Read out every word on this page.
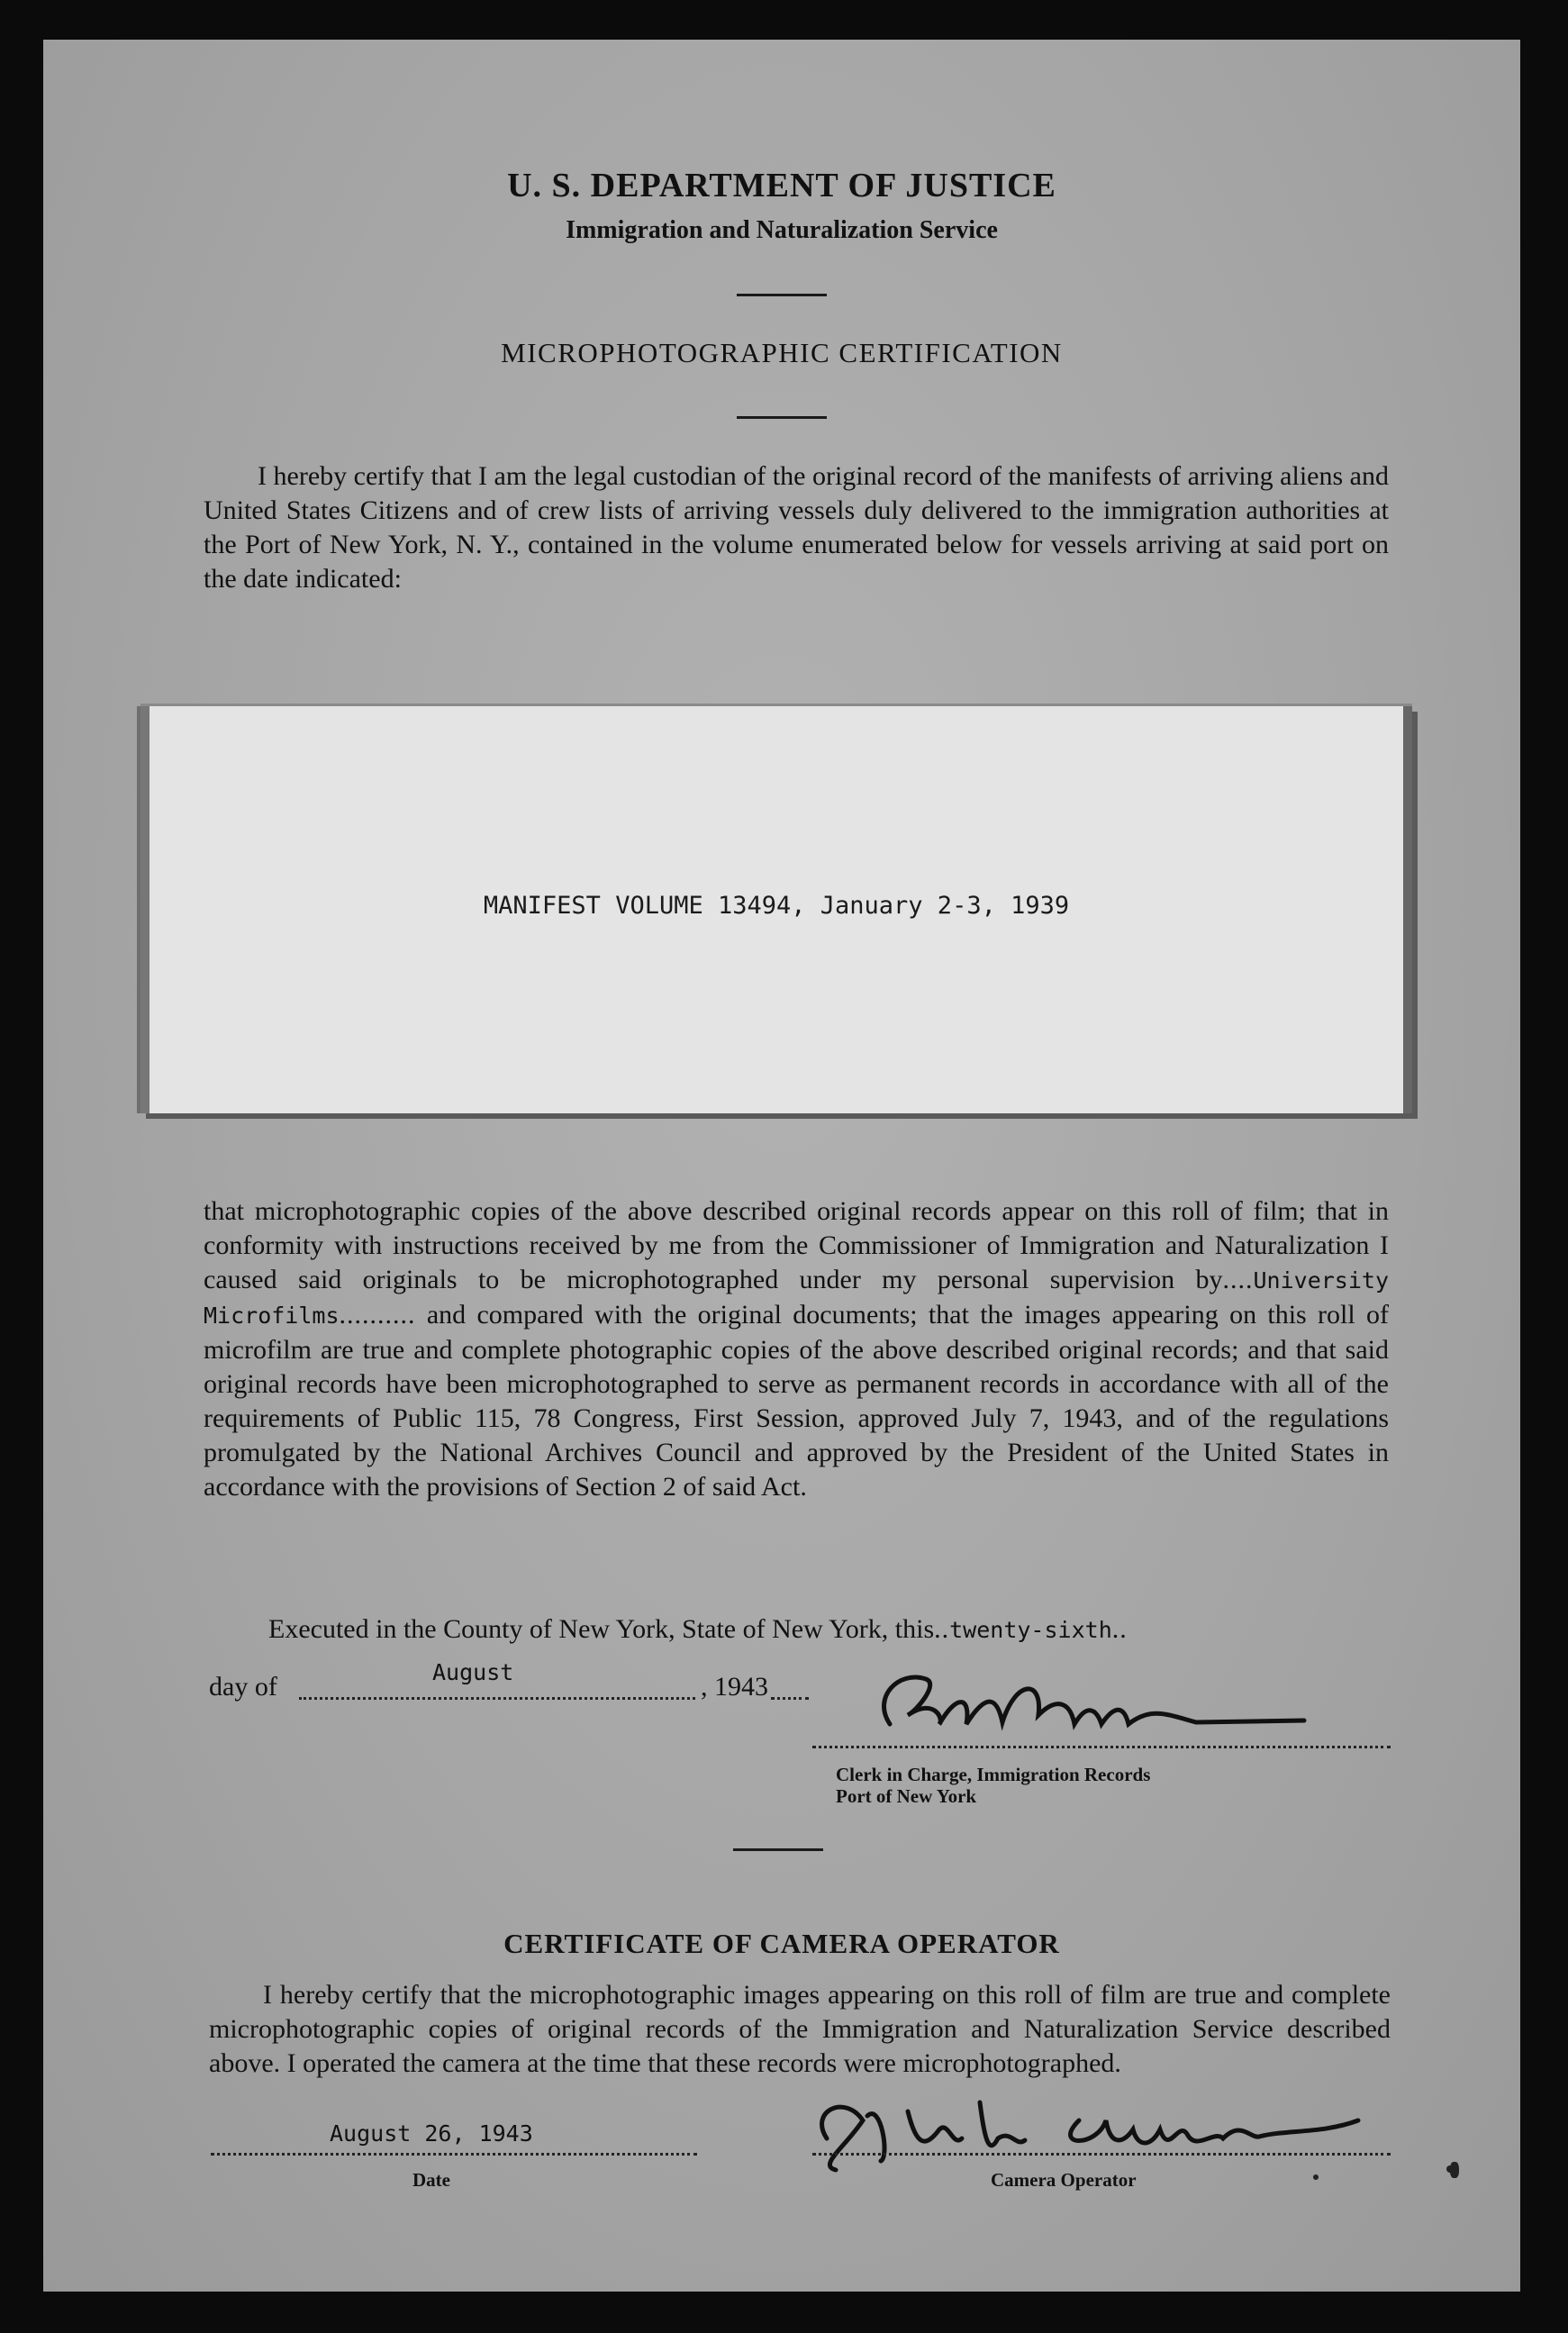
U. S. DEPARTMENT OF JUSTICE
Immigration and Naturalization Service
MICROPHOTOGRAPHIC CERTIFICATION
I hereby certify that I am the legal custodian of the original record of the manifests of arriving aliens and United States Citizens and of crew lists of arriving vessels duly delivered to the immigration authorities at the Port of New York, N. Y., contained in the volume enumerated below for vessels arriving at said port on the date indicated:
MANIFEST VOLUME 13494, January 2-3, 1939
that microphotographic copies of the above described original records appear on this roll of film; that in conformity with instructions received by me from the Commissioner of Immigration and Naturalization I caused said originals to be microphotographed under my personal supervision by....University Microfilms.......... and compared with the original documents; that the images appearing on this roll of microfilm are true and complete photographic copies of the above described original records; and that said original records have been microphotographed to serve as permanent records in accordance with all of the requirements of Public 115, 78 Congress, First Session, approved July 7, 1943, and of the regulations promulgated by the National Archives Council and approved by the President of the United States in accordance with the provisions of Section 2 of said Act.
Executed in the County of New York, State of New York, this..twenty-sixth..
day of	August	, 1943
Clerk in Charge, Immigration Records
Port of New York
CERTIFICATE OF CAMERA OPERATOR
I hereby certify that the microphotographic images appearing on this roll of film are true and complete microphotographic copies of original records of the Immigration and Naturalization Service described above. I operated the camera at the time that these records were microphotographed.
August 26, 1943
Date	Camera Operator
